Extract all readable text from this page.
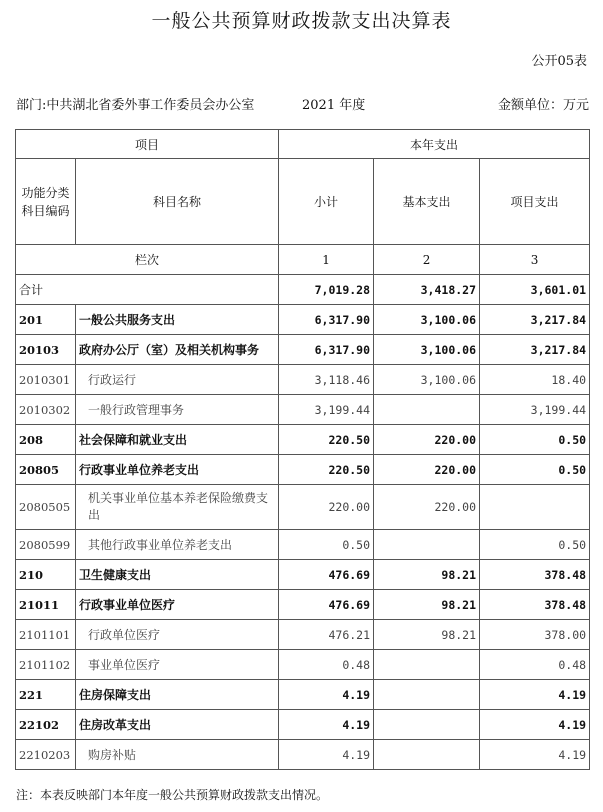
一般公共预算财政拨款支出决算表
公开05表
部门:中共湖北省委外事工作委员会办公室	2021 年度	金额单位：万元
项目		本年支出		
功能分类科目编码	科目名称	小计	基本支出	项目支出
栏次		1	2	3
合计		7,019.28	3,418.27	3,601.01
201	一般公共服务支出	6,317.90	3,100.06	3,217.84
20103	政府办公厅（室）及相关机构事务	6,317.90	3,100.06	3,217.84
2010301	行政运行	3,118.46	3,100.06	18.40
2010302	一般行政管理事务	3,199.44		3,199.44
208	社会保障和就业支出	220.50	220.00	0.50
20805	行政事业单位养老支出	220.50	220.00	0.50
2080505	机关事业单位基本养老保险缴费支出	220.00	220.00	
2080599	其他行政事业单位养老支出	0.50		0.50
210	卫生健康支出	476.69	98.21	378.48
21011	行政事业单位医疗	476.69	98.21	378.48
2101101	行政单位医疗	476.21	98.21	378.00
2101102	事业单位医疗	0.48		0.48
221	住房保障支出	4.19		4.19
22102	住房改革支出	4.19		4.19
2210203	购房补贴	4.19		4.19
注：本表反映部门本年度一般公共预算财政拨款支出情况。
